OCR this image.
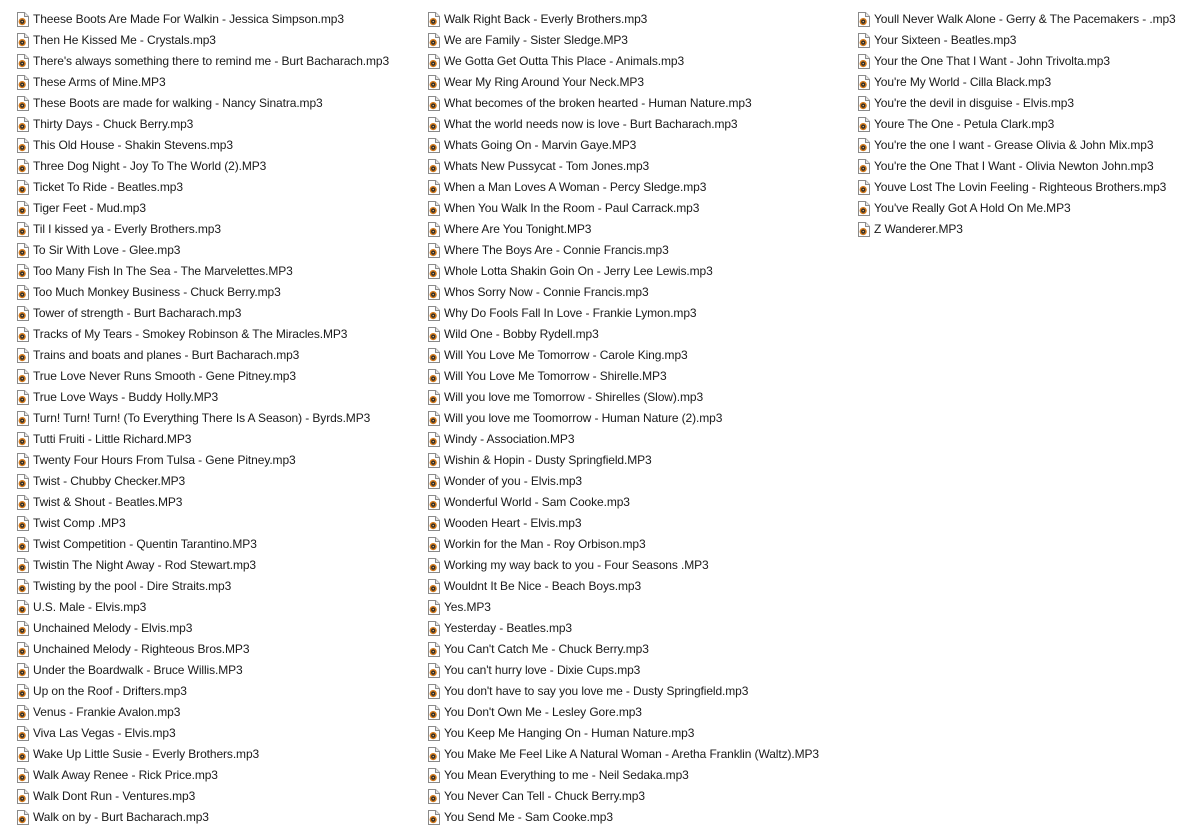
Theese Boots Are Made For Walkin - Jessica Simpson.mp3
Then He Kissed Me - Crystals.mp3
There's always something there to remind me - Burt Bacharach.mp3
These Arms of Mine.MP3
These Boots are made for walking - Nancy Sinatra.mp3
Thirty Days - Chuck Berry.mp3
This Old House - Shakin Stevens.mp3
Three Dog Night - Joy To The World (2).MP3
Ticket To Ride - Beatles.mp3
Tiger Feet - Mud.mp3
Til I kissed ya - Everly Brothers.mp3
To Sir With Love - Glee.mp3
Too Many Fish In The Sea - The Marvelettes.MP3
Too Much Monkey Business - Chuck Berry.mp3
Tower of strength - Burt Bacharach.mp3
Tracks of My Tears - Smokey Robinson & The Miracles.MP3
Trains and boats and planes - Burt Bacharach.mp3
True Love Never Runs Smooth - Gene Pitney.mp3
True Love Ways - Buddy Holly.MP3
Turn! Turn! Turn! (To Everything There Is A Season) - Byrds.MP3
Tutti Fruiti - Little Richard.MP3
Twenty Four Hours From Tulsa - Gene Pitney.mp3
Twist - Chubby Checker.MP3
Twist & Shout - Beatles.MP3
Twist Comp .MP3
Twist Competition - Quentin Tarantino.MP3
Twistin The Night Away - Rod Stewart.mp3
Twisting by the pool - Dire Straits.mp3
U.S. Male - Elvis.mp3
Unchained Melody - Elvis.mp3
Unchained Melody - Righteous Bros.MP3
Under the Boardwalk - Bruce Willis.MP3
Up on the Roof - Drifters.mp3
Venus - Frankie Avalon.mp3
Viva Las Vegas - Elvis.mp3
Wake Up Little Susie - Everly Brothers.mp3
Walk Away Renee - Rick Price.mp3
Walk Dont Run - Ventures.mp3
Walk on by - Burt Bacharach.mp3
Walk Right Back - Everly Brothers.mp3
We are Family - Sister Sledge.MP3
We Gotta Get Outta This Place - Animals.mp3
Wear My Ring Around Your Neck.MP3
What becomes of the broken hearted - Human Nature.mp3
What the world needs now is love - Burt Bacharach.mp3
Whats Going On - Marvin Gaye.MP3
Whats New Pussycat - Tom Jones.mp3
When a Man Loves A Woman - Percy Sledge.mp3
When You Walk In the Room - Paul Carrack.mp3
Where Are You Tonight.MP3
Where The Boys Are - Connie Francis.mp3
Whole Lotta Shakin Goin On - Jerry Lee Lewis.mp3
Whos Sorry Now - Connie Francis.mp3
Why Do Fools Fall In Love - Frankie Lymon.mp3
Wild One - Bobby Rydell.mp3
Will You Love Me Tomorrow - Carole King.mp3
Will You Love Me Tomorrow - Shirelle.MP3
Will you love me Tomorrow - Shirelles (Slow).mp3
Will you love me Toomorrow - Human Nature (2).mp3
Windy - Association.MP3
Wishin & Hopin - Dusty Springfield.MP3
Wonder of you - Elvis.mp3
Wonderful World - Sam Cooke.mp3
Wooden Heart - Elvis.mp3
Workin for the Man - Roy Orbison.mp3
Working my way back to you - Four Seasons .MP3
Wouldnt It Be Nice - Beach Boys.mp3
Yes.MP3
Yesterday - Beatles.mp3
You Can't Catch Me - Chuck Berry.mp3
You can't hurry love - Dixie Cups.mp3
You don't have to say you love me - Dusty Springfield.mp3
You Don't Own Me - Lesley Gore.mp3
You Keep Me Hanging On - Human Nature.mp3
You Make Me Feel Like A Natural Woman - Aretha Franklin (Waltz).MP3
You Mean Everything to me - Neil Sedaka.mp3
You Never Can Tell - Chuck Berry.mp3
You Send Me - Sam Cooke.mp3
Youll Never Walk Alone - Gerry & The Pacemakers - .mp3
Your Sixteen - Beatles.mp3
Your the One That I Want - John Trivolta.mp3
You're My World - Cilla Black.mp3
You're the devil in disguise - Elvis.mp3
Youre The One - Petula Clark.mp3
You're the one I want - Grease Olivia & John Mix.mp3
You're the One That I Want - Olivia Newton John.mp3
Youve Lost The Lovin Feeling - Righteous Brothers.mp3
You've Really Got A Hold On Me.MP3
Z Wanderer.MP3
